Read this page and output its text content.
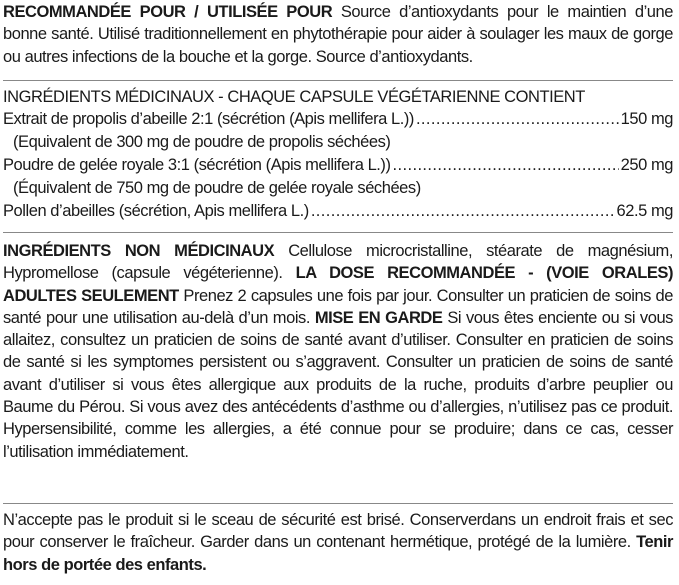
RECOMMANDÉE POUR / UTILISÉE POUR Source d’antioxydants pour le maintien d’une bonne santé. Utilisé traditionnellement en phytothérapie pour aider à soulager les maux de gorge ou autres infections de la bouche et la gorge. Source d’antioxydants.

INGRÉDIENTS MÉDICINAUX - CHAQUE CAPSULE VÉGÉTARIENNE CONTIENT

Extrait de propolis d’abeille 2:1 (sécrétion (Apis mellifera L.)) .....	150 mg

(Equivalent de 300 mg de poudre de propolis séchées)

Poudre de gelée royale 3:1 (sécrétion (Apis mellifera L.)) .....	250 mg

(Équivalent de 750 mg de poudre de gelée royale séchées)

Pollen d’abeilles (sécrétion, Apis mellifera L.) .....	62.5 mg

INGRÉDIENTS NON MÉDICINAUX Cellulose microcristalline, stéarate de magnésium, Hypromellose (capsule végéterienne). LA DOSE RECOMMANDÉE - (VOIE ORALES) ADULTES SEULEMENT Prenez 2 capsules une fois par jour. Consulter un praticien de soins de santé pour une utilisation au-delà d’un mois. MISE EN GARDE Si vous êtes enciente ou si vous allaitez, consultez un praticien de soins de santé avant d’utiliser. Consulter en praticien de soins de santé si les symptomes persistent ou s’aggravent. Consulter un praticien de soins de santé avant d’utiliser si vous êtes allergique aux produits de la ruche, produits d’arbre peuplier ou Baume du Pérou. Si vous avez des antécédents d’asthme ou d’allergies, n’utilisez pas ce produit. Hypersensibilité, comme les allergies, a été connue pour se produire; dans ce cas, cesser l’utilisation immédiatement.

N’accepte pas le produit si le sceau de sécurité est brisé. Conserverdans un endroit frais et sec pour conserver le fraîcheur. Garder dans un contenant hermétique, protégé de la lumière. Tenir hors de portée des enfants.
